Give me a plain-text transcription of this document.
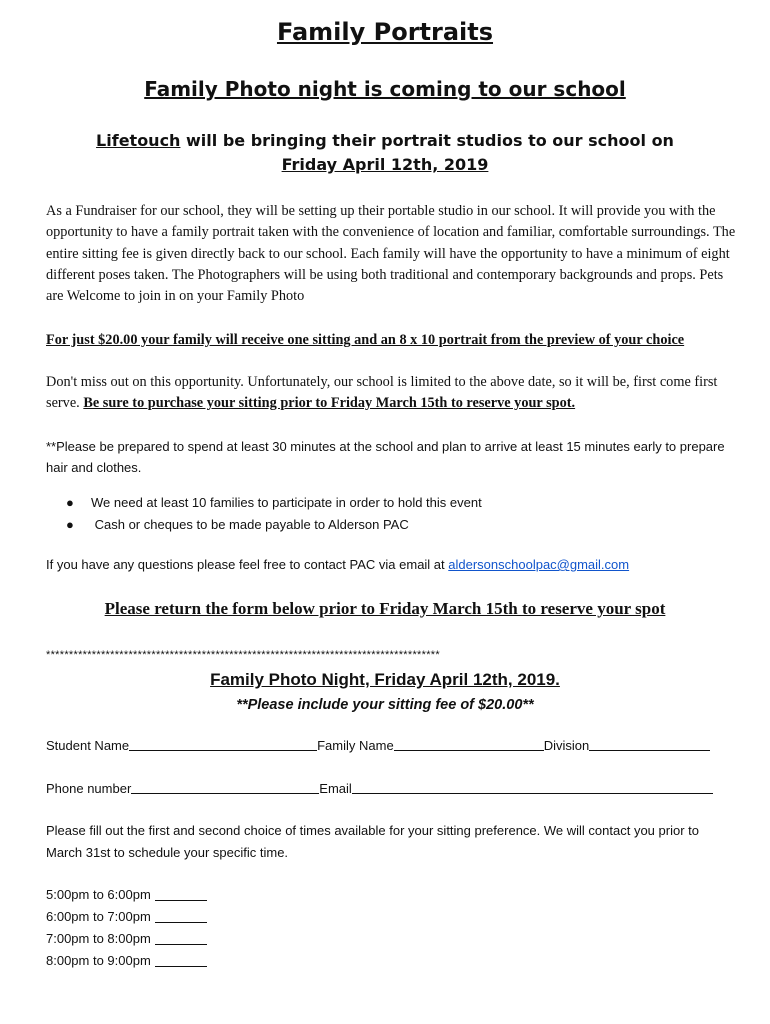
Family Portraits
Family Photo night is coming to our school
Lifetouch will be bringing their portrait studios to our school on
Friday April 12th, 2019
As a Fundraiser for our school, they will be setting up their portable studio in our school. It will provide you with the opportunity to have a family portrait taken with the convenience of location and familiar, comfortable surroundings. The entire sitting fee is given directly back to our school. Each family will have the opportunity to have a minimum of eight different poses taken. The Photographers will be using both traditional and contemporary backgrounds and props. Pets are Welcome to join in on your Family Photo
For just $20.00 your family will receive one sitting and an 8 x 10 portrait from the preview of your choice
Don't miss out on this opportunity. Unfortunately, our school is limited to the above date, so it will be, first come first serve. Be sure to purchase your sitting prior to Friday March 15th to reserve your spot.
**Please be prepared to spend at least 30 minutes at the school and plan to arrive at least 15 minutes early to prepare hair and clothes.
● We need at least 10 families to participate in order to hold this event
● Cash or cheques to be made payable to Alderson PAC
If you have any questions please feel free to contact PAC via email at aldersonschoolpac@gmail.com
Please return the form below prior to Friday March 15th to reserve your spot
**************************************************************************************
Family Photo Night, Friday April 12th, 2019.
**Please include your sitting fee of $20.00**
Student Name	Family Name	Division
Phone number	Email
Please fill out the first and second choice of times available for your sitting preference. We will contact you prior to March 31st to schedule your specific time.
5:00pm to 6:00pm
6:00pm to 7:00pm
7:00pm to 8:00pm
8:00pm to 9:00pm
